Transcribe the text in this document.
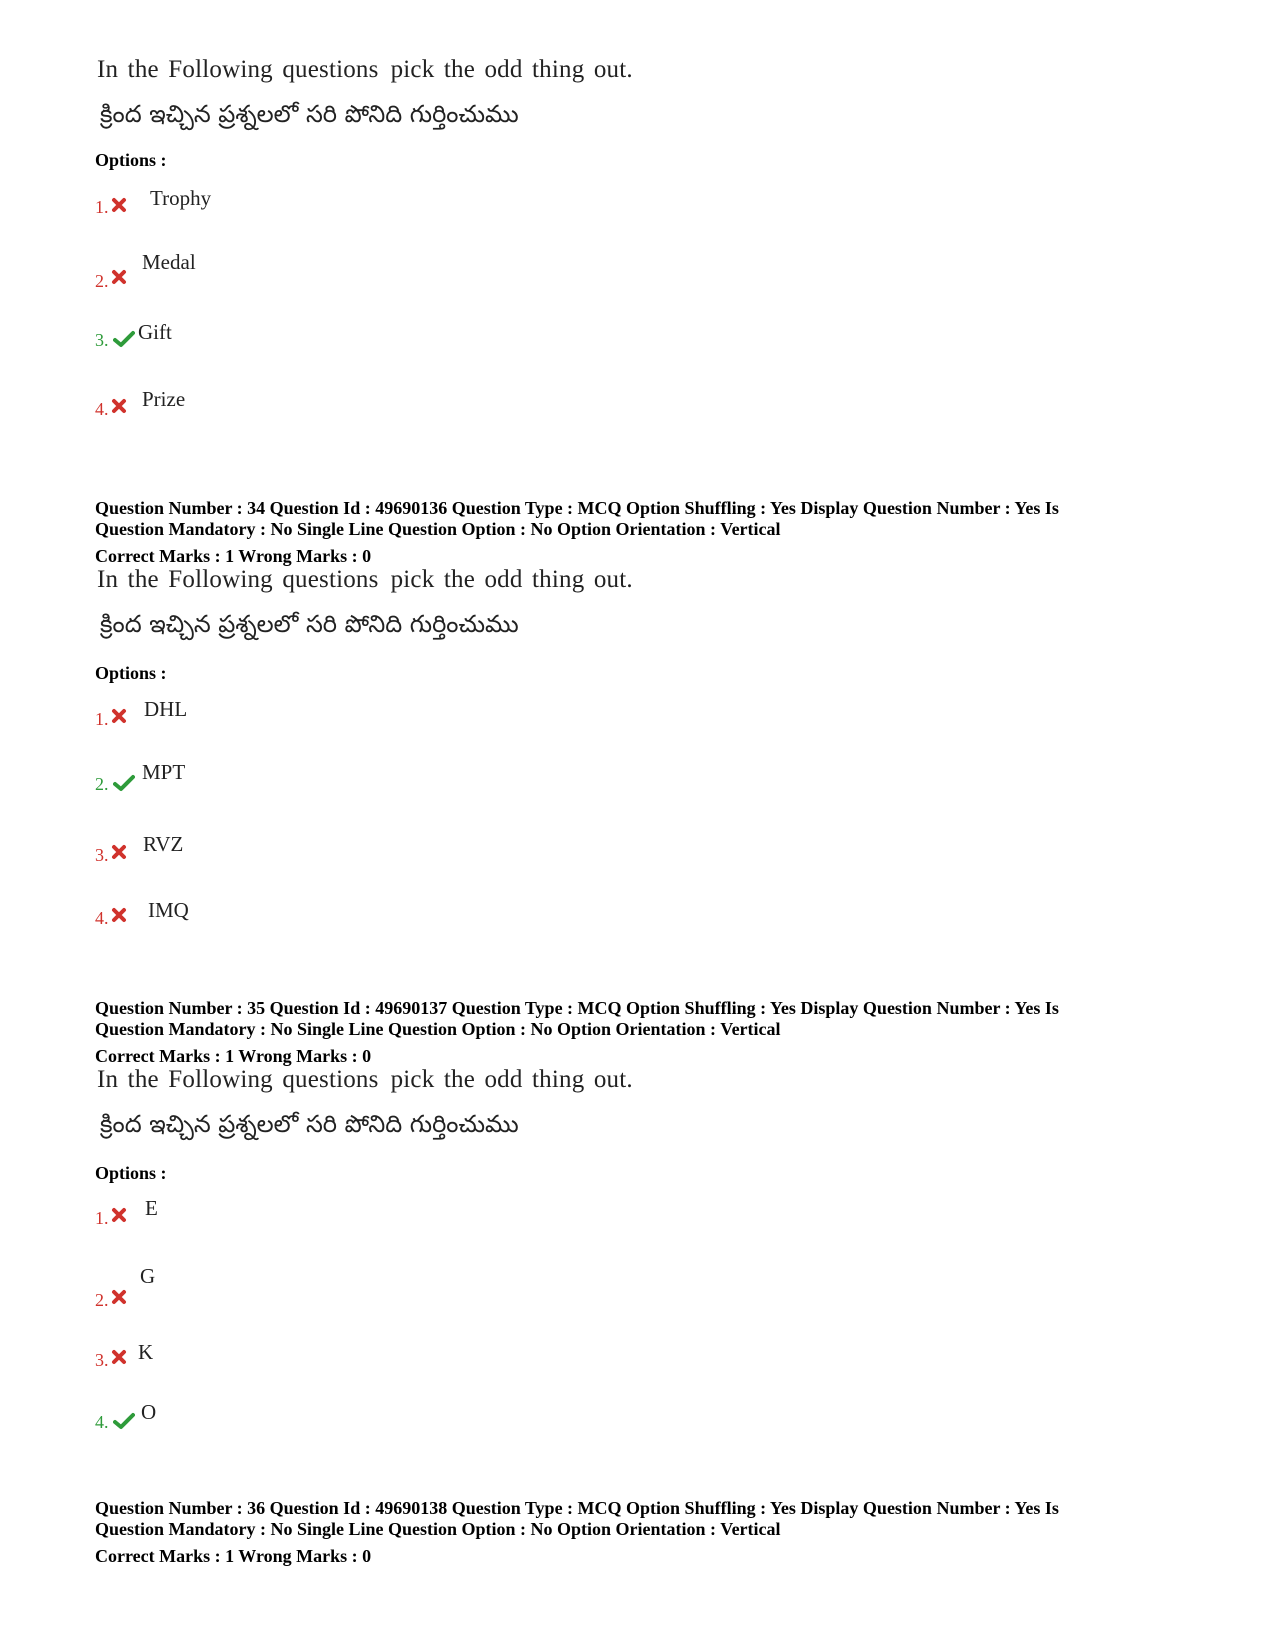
In the Following questions pick the odd thing out.
క్రింద ఇచ్చిన ప్రశ్నలలో సరి పోనిది గుర్తించుము
Options :
1. Trophy
2.
Medal
3. Gift
4. Prize
Question Number : 34 Question Id : 49690136 Question Type : MCQ Option Shuffling : Yes Display Question Number : Yes Is
Question Mandatory : No Single Line Question Option : No Option Orientation : Vertical
Correct Marks : 1 Wrong Marks : 0
In the Following questions pick the odd thing out.
క్రింద ఇచ్చిన ప్రశ్నలలో సరి పోనిది గుర్తించుము
Options :
1. DHL
2. MPT
3. RVZ
4. IMQ
Question Number : 35 Question Id : 49690137 Question Type : MCQ Option Shuffling : Yes Display Question Number : Yes Is
Question Mandatory : No Single Line Question Option : No Option Orientation : Vertical
Correct Marks : 1 Wrong Marks : 0
In the Following questions pick the odd thing out.
క్రింద ఇచ్చిన ప్రశ్నలలో సరి పోనిది గుర్తించుము
Options :
1. E
2.
G
3. K
4. O
Question Number : 36 Question Id : 49690138 Question Type : MCQ Option Shuffling : Yes Display Question Number : Yes Is
Question Mandatory : No Single Line Question Option : No Option Orientation : Vertical
Correct Marks : 1 Wrong Marks : 0
